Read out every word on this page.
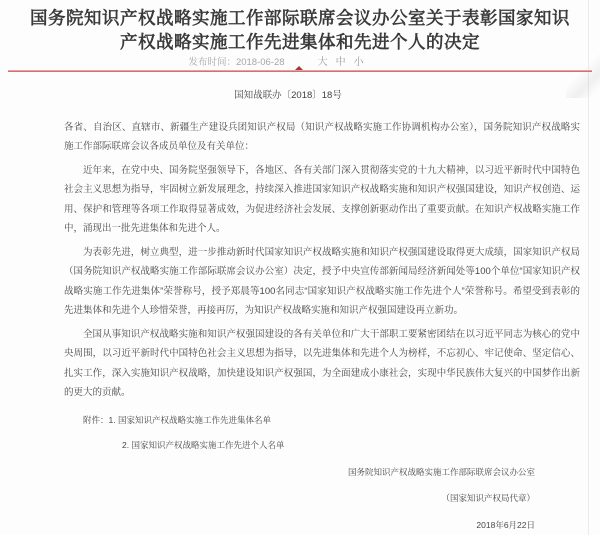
国务院知识产权战略实施工作部际联席会议办公室关于表彰国家知识产权战略实施工作先进集体和先进个人的决定
发布时间：2018-06-28	大 中 小
国知战联办〔2018〕18号

各省、自治区、直辖市、新疆生产建设兵团知识产权局（知识产权战略实施工作协调机构办公室），国务院知识产权战略实施工作部际联席会议各成员单位及有关单位：

近年来，在党中央、国务院坚强领导下，各地区、各有关部门深入贯彻落实党的十九大精神，以习近平新时代中国特色社会主义思想为指导，牢固树立新发展理念，持续深入推进国家知识产权战略实施和知识产权强国建设，知识产权创造、运用、保护和管理等各项工作取得显著成效，为促进经济社会发展、支撑创新驱动作出了重要贡献。在知识产权战略实施工作中，涌现出一批先进集体和先进个人。

为表彰先进，树立典型，进一步推动新时代国家知识产权战略实施和知识产权强国建设取得更大成绩，国家知识产权局（国务院知识产权战略实施工作部际联席会议办公室）决定，授予中央宣传部新闻局经济新闻处等100个单位“国家知识产权战略实施工作先进集体”荣誉称号，授予郑晨等100名同志“国家知识产权战略实施工作先进个人”荣誉称号。希望受到表彰的先进集体和先进个人珍惜荣誉，再接再厉，为知识产权战略实施和知识产权强国建设再立新功。

全国从事知识产权战略实施和知识产权强国建设的各有关单位和广大干部职工要紧密团结在以习近平同志为核心的党中央周围，以习近平新时代中国特色社会主义思想为指导，以先进集体和先进个人为榜样，不忘初心、牢记使命、坚定信心、扎实工作，深入实施知识产权战略，加快建设知识产权强国，为全面建成小康社会，实现中华民族伟大复兴的中国梦作出新的更大的贡献。

附件：1. 国家知识产权战略实施工作先进集体名单
2. 国家知识产权战略实施工作先进个人名单
国务院知识产权战略实施工作部际联席会议办公室
（国家知识产权局代章）
2018年6月22日
